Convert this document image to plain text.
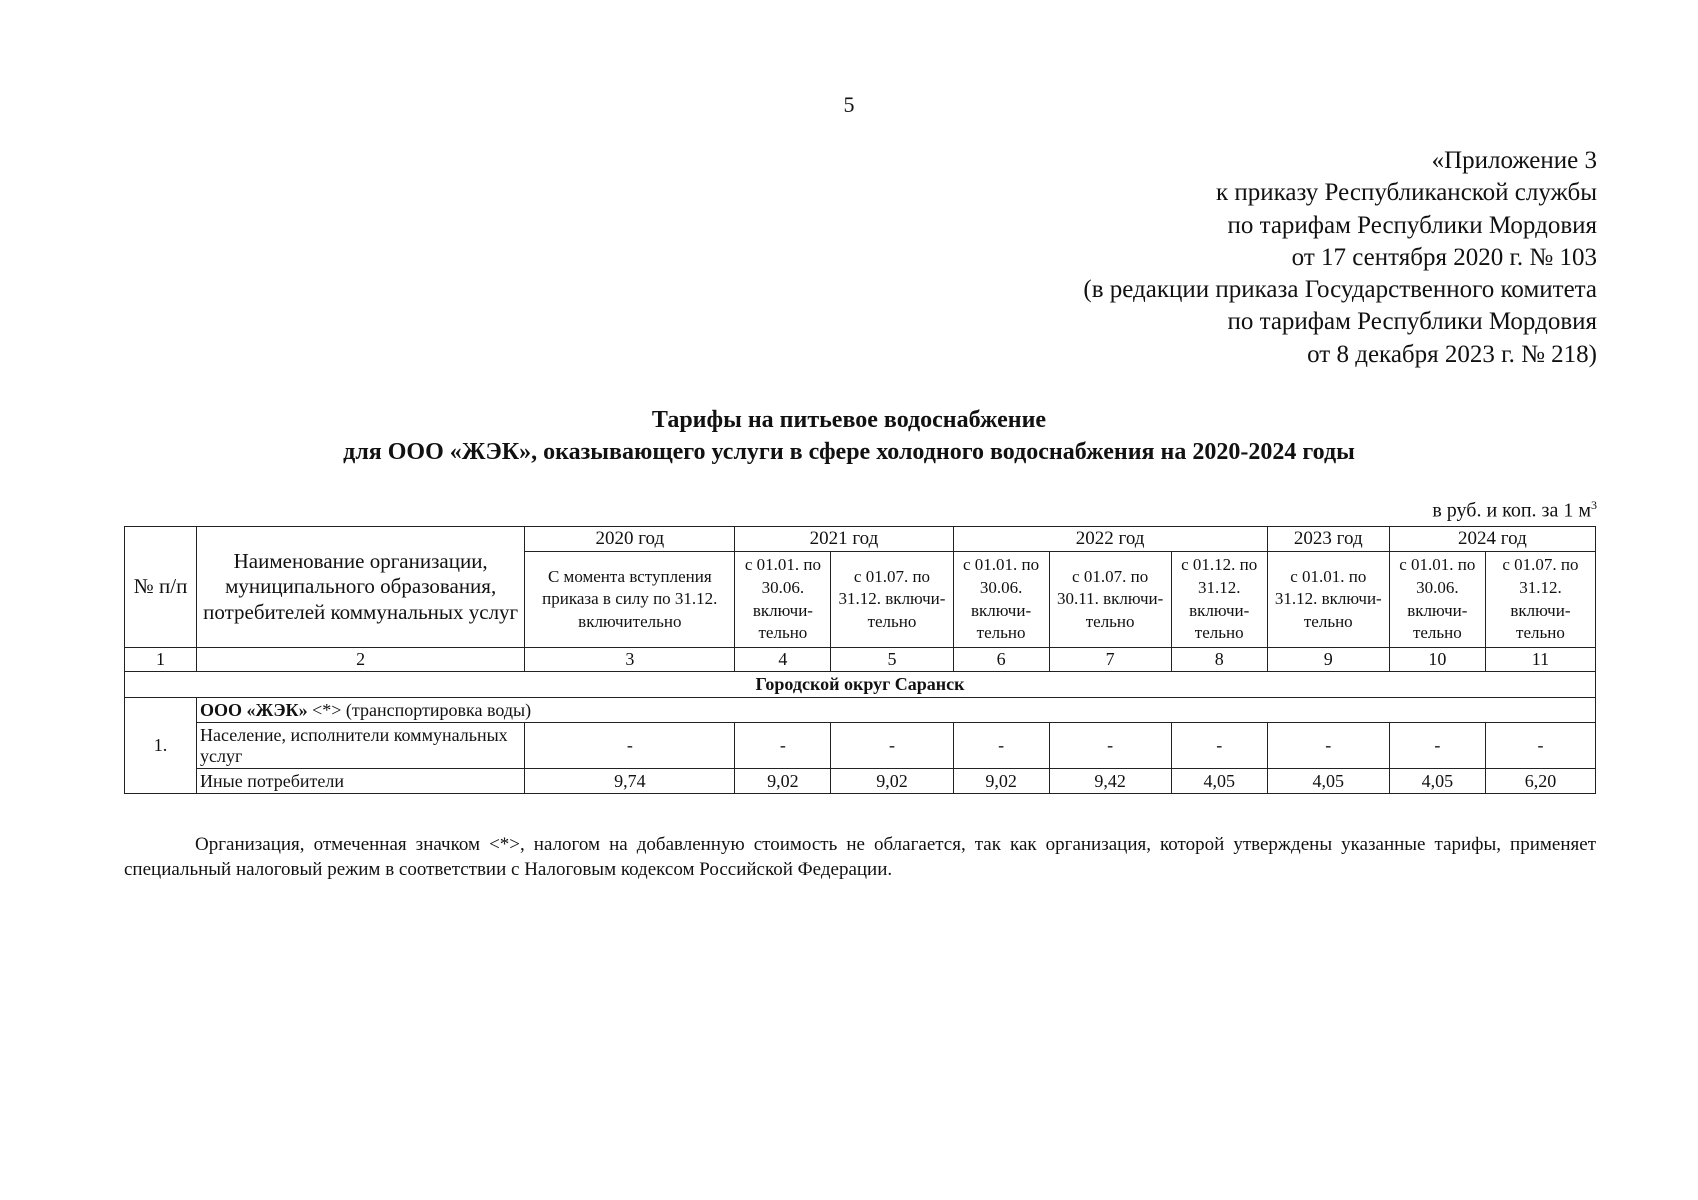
5
«Приложение 3
к приказу Республиканской службы
по тарифам Республики Мордовия
от 17 сентября 2020 г. № 103
(в редакции приказа Государственного комитета
по тарифам Республики Мордовия
от 8 декабря 2023 г. № 218)
Тарифы на питьевое водоснабжение
для ООО «ЖЭК», оказывающего услуги в сфере холодного водоснабжения на 2020-2024 годы
в руб. и коп. за 1 $м^3$
№ п/п	Наименование организации, муниципального образования, потребителей коммунальных услуг	2020 год	2021 год		2022 год			2023 год	2024 год	
		С момента вступления приказа в силу по 31.12. включительно	с 01.01. по 30.06. включи-тельно	с 01.07. по 31.12. включи-тельно	с 01.01. по 30.06. включи-тельно	с 01.07. по 30.11. включи-тельно	с 01.12. по 31.12. включи-тельно	с 01.01. по 31.12. включи-тельно	с 01.01. по 30.06. включи-тельно	с 01.07. по 31.12. включи-тельно
1	2	3	4	5	6	7	8	9	10	11
Городской округ Саранск										
1.	ООО «ЖЭК» <*> (транспортировка воды)									
	Население, исполнители коммунальных услуг	-	-	-	-	-	-	-	-	-
	Иные потребители	9,74	9,02	9,02	9,02	9,42	4,05	4,05	4,05	6,20
Организация, отмеченная значком <*>, налогом на добавленную стоимость не облагается, так как организация, которой утверждены указанные тарифы, применяет специальный налоговый режим в соответствии с Налоговым кодексом Российской Федерации.
